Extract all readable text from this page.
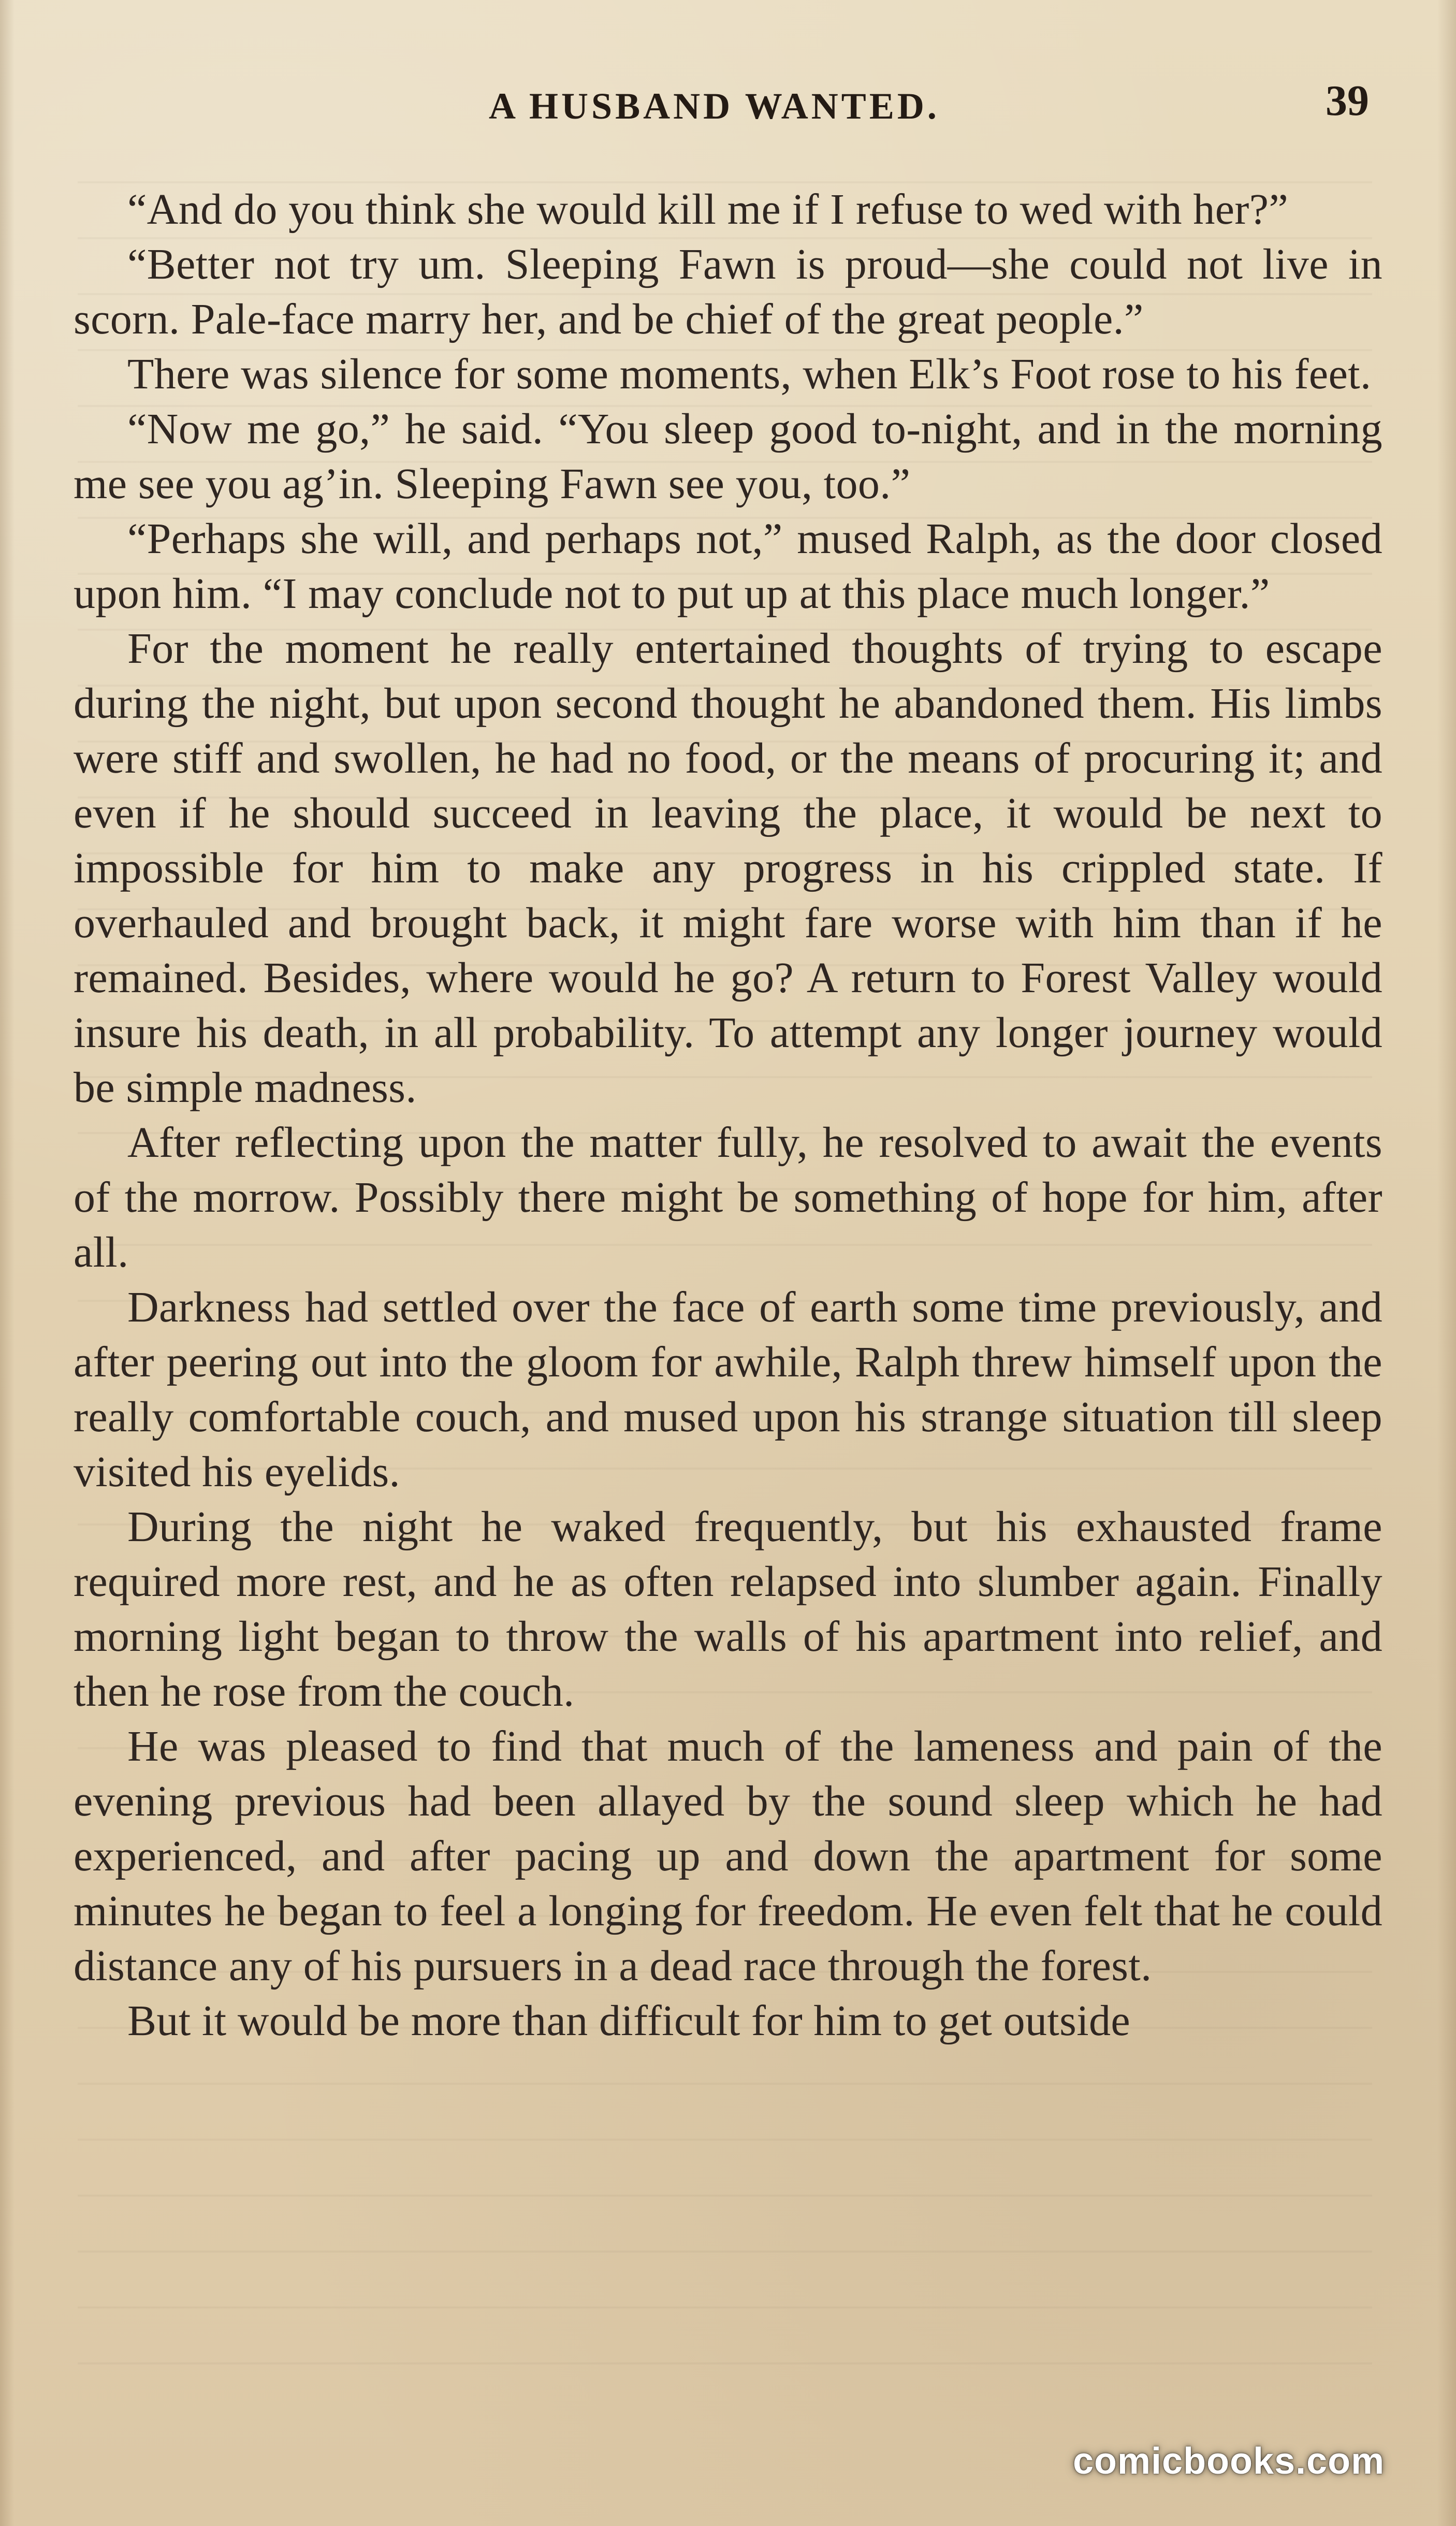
A HUSBAND WANTED.	39

“And do you think she would kill me if I refuse to wed with her?”

“Better not try um. Sleeping Fawn is proud—she could not live in scorn. Pale-face marry her, and be chief of the great people.”

There was silence for some moments, when Elk’s Foot rose to his feet.

“Now me go,” he said. “You sleep good to-night, and in the morning me see you ag’in. Sleeping Fawn see you, too.”

“Perhaps she will, and perhaps not,” mused Ralph, as the door closed upon him. “I may conclude not to put up at this place much longer.”

For the moment he really entertained thoughts of trying to escape during the night, but upon second thought he abandoned them. His limbs were stiff and swollen, he had no food, or the means of procuring it; and even if he should succeed in leaving the place, it would be next to impossible for him to make any progress in his crippled state. If overhauled and brought back, it might fare worse with him than if he remained. Besides, where would he go? A return to Forest Valley would insure his death, in all probability. To attempt any longer journey would be simple madness.

After reflecting upon the matter fully, he resolved to await the events of the morrow. Possibly there might be something of hope for him, after all.

Darkness had settled over the face of earth some time previously, and after peering out into the gloom for awhile, Ralph threw himself upon the really comfortable couch, and mused upon his strange situation till sleep visited his eyelids.

During the night he waked frequently, but his exhausted frame required more rest, and he as often relapsed into slumber again. Finally morning light began to throw the walls of his apartment into relief, and then he rose from the couch.

He was pleased to find that much of the lameness and pain of the evening previous had been allayed by the sound sleep which he had experienced, and after pacing up and down the apartment for some minutes he began to feel a longing for freedom. He even felt that he could distance any of his pursuers in a dead race through the forest.

But it would be more than difficult for him to get outside

comicbooks.com
